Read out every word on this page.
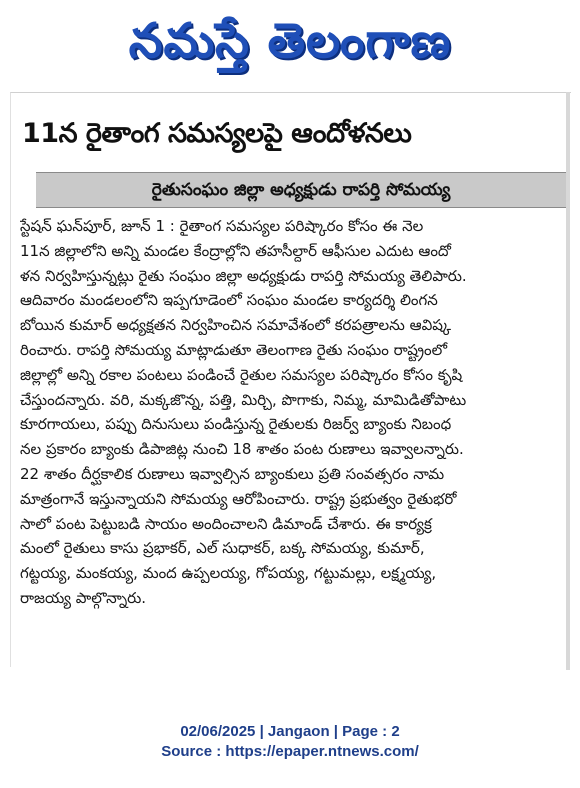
నమస్తే తెలంగాణ
11న రైతాంగ సమస్యలపై ఆందోళనలు
రైతుసంఘం జిల్లా అధ్యక్షుడు రాపర్తి సోమయ్య
స్టేషన్ ఘన్‌పూర్, జూన్ 1 : రైతాంగ సమస్యల పరిష్కారం కోసం ఈ నెల
11న జిల్లాలోని అన్ని మండల కేంద్రాల్లోని తహసీల్దార్ ఆఫీసుల ఎదుట ఆందో
ళన నిర్వహిస్తున్నట్లు రైతు సంఘం జిల్లా అధ్యక్షుడు రాపర్తి సోమయ్య తెలిపారు.
ఆదివారం మండలంలోని ఇప్పగూడెంలో సంఘం మండల కార్యదర్శి లింగన
బోయిన కుమార్ అధ్యక్షతన నిర్వహించిన సమావేశంలో కరపత్రాలను ఆవిష్క
రించారు. రాపర్తి సోమయ్య మాట్లాడుతూ తెలంగాణ రైతు సంఘం రాష్ట్రంలో
జిల్లాల్లో అన్ని రకాల పంటలు పండించే రైతుల సమస్యల పరిష్కారం కోసం కృషి
చేస్తుందన్నారు. వరి, మక్కజొన్న, పత్తి, మిర్చి, పొగాకు, నిమ్మ, మామిడితోపాటు
కూరగాయలు, పప్పు దినుసులు పండిస్తున్న రైతులకు రిజర్వ్ బ్యాంకు నిబంధ
నల ప్రకారం బ్యాంకు డిపాజిట్ల నుంచి 18 శాతం పంట రుణాలు ఇవ్వాలన్నారు.
22 శాతం దీర్ఘకాలిక రుణాలు ఇవ్వాల్సిన బ్యాంకులు ప్రతి సంవత్సరం నామ
మాత్రంగానే ఇస్తున్నాయని సోమయ్య ఆరోపించారు. రాష్ట్ర ప్రభుత్వం రైతుభరో
సాలో పంట పెట్టుబడి సాయం అందించాలని డిమాండ్ చేశారు. ఈ కార్యక్ర
మంలో రైతులు కాసు ప్రభాకర్, ఎల్ సుధాకర్, బక్క సోమయ్య, కుమార్,
గట్టయ్య, మంకయ్య, మంద ఉప్పలయ్య, గోపయ్య, గట్టుమల్లు, లక్ష్మయ్య,
రాజయ్య పాల్గొన్నారు.
02/06/2025 | Jangaon | Page : 2
Source : https://epaper.ntnews.com/
